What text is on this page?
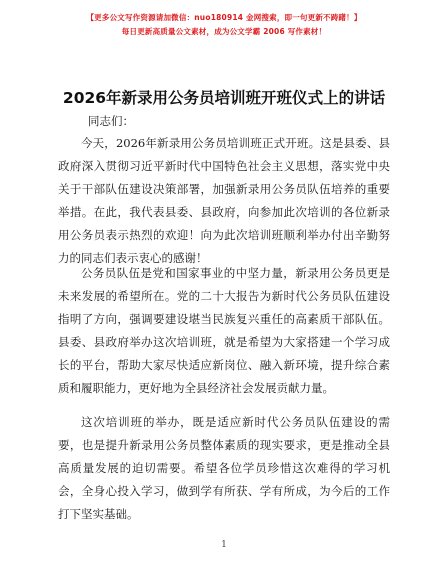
【更多公文写作资源请加微信：nuo180914 金网搜索，即一句更新不踌躇！】
每日更新高质量公文素材，成为公文学霸 2006 写作素材！
2026年新录用公务员培训班开班仪式上的讲话
同志们：

今天，2026年新录用公务员培训班正式开班。这是县委、县政府深入贯彻习近平新时代中国特色社会主义思想，落实党中央关于干部队伍建设决策部署，加强新录用公务员队伍培养的重要举措。在此，我代表县委、县政府，向参加此次培训的各位新录用公务员表示热烈的欢迎！向为此次培训班顺利举办付出辛勤努力的同志们表示衷心的感谢！

公务员队伍是党和国家事业的中坚力量，新录用公务员更是未来发展的希望所在。党的二十大报告为新时代公务员队伍建设指明了方向，强调要建设堪当民族复兴重任的高素质干部队伍。县委、县政府举办这次培训班，就是希望为大家搭建一个学习成长的平台，帮助大家尽快适应新岗位、融入新环境，提升综合素质和履职能力，更好地为全县经济社会发展贡献力量。

这次培训班的举办，既是适应新时代公务员队伍建设的需要，也是提升新录用公务员整体素质的现实要求，更是推动全县高质量发展的迫切需要。希望各位学员珍惜这次难得的学习机会，全身心投入学习，做到学有所获、学有所成，为今后的工作打下坚实基础。

1
